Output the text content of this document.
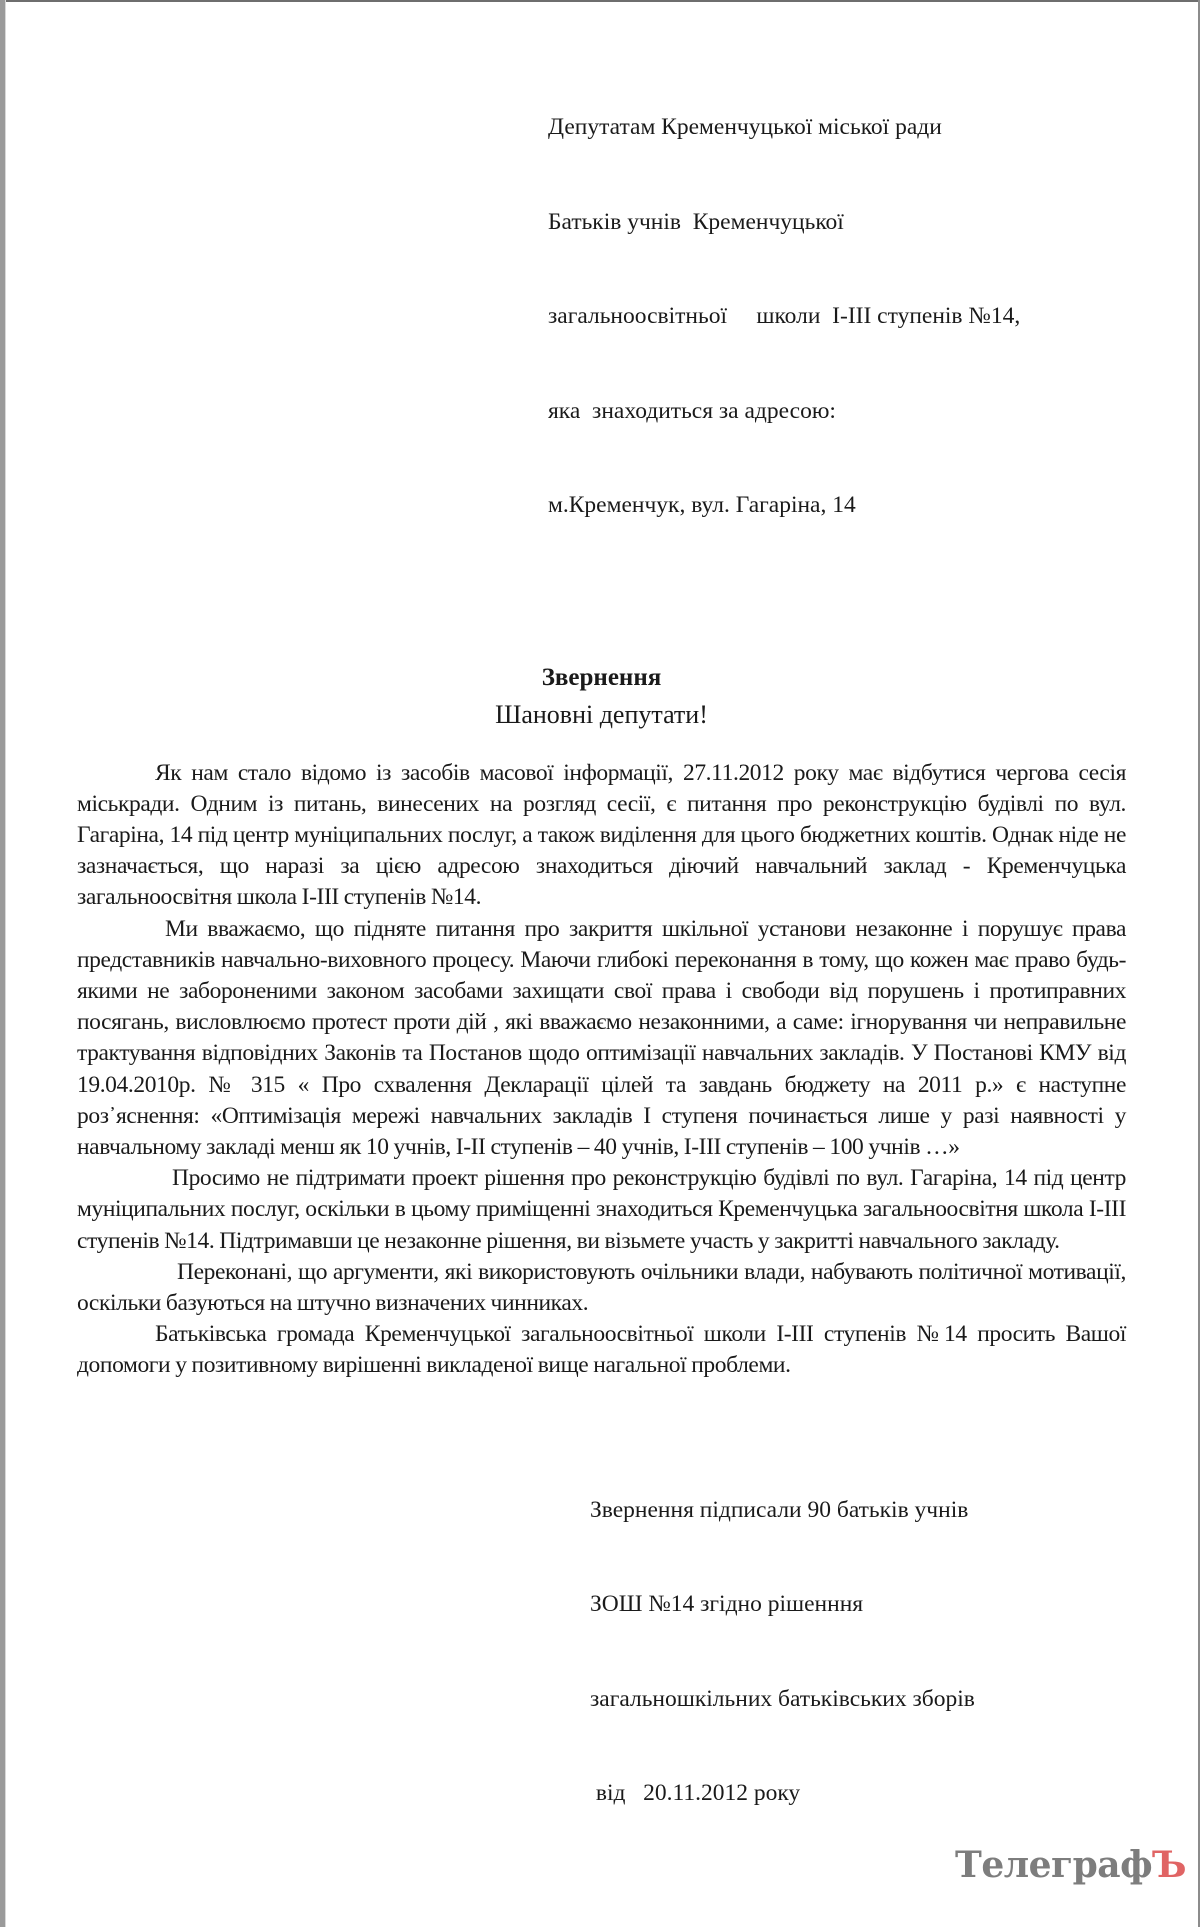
Депутатам Кременчуцької міської ради

Батьків учнів  Кременчуцької

загальноосвітньої     школи  І-ІІІ ступенів №14,

яка  знаходиться за адресою:

м.Кременчук, вул. Гагаріна, 14

Звернення
Шановні депутати!

Як нам стало відомо із засобів масової інформації, 27.11.2012 року має відбутися чергова сесія міськради. Одним із питань, винесених на розгляд сесії, є питання про реконструкцію будівлі по вул. Гагаріна, 14 під центр муніципальних послуг, а також виділення для цього бюджетних коштів. Однак ніде не зазначається, що наразі за цією адресою знаходиться діючий навчальний заклад - Кременчуцька загальноосвітня школа І-ІІІ ступенів №14.

Ми вважаємо, що підняте питання про закриття шкільної установи незаконне і порушує права представників навчально-виховного процесу. Маючи глибокі переконання в тому, що кожен має право будь-якими не забороненими законом засобами захищати свої права і свободи від порушень і протиправних посягань, висловлюємо протест проти дій , які вважаємо незаконними, а саме: ігнорування чи неправильне трактування відповідних Законів та Постанов щодо оптимізації навчальних закладів. У Постанові КМУ від 19.04.2010р. № 315 « Про схвалення Декларації цілей та завдань бюджету на 2011 р.» є наступне роз᾿яснення: «Оптимізація мережі навчальних закладів І ступеня починається лише у разі наявності у навчальному закладі менш як 10 учнів, І-ІІ ступенів – 40 учнів, І-ІІІ ступенів – 100 учнів …»

Просимо не підтримати проект рішення про реконструкцію будівлі по вул. Гагаріна, 14 під центр муніципальних послуг, оскільки в цьому приміщенні знаходиться Кременчуцька загальноосвітня школа І-ІІІ ступенів №14. Підтримавши це незаконне рішення, ви візьмете участь у закритті навчального закладу.

Переконані, що аргументи, які використовують очільники влади, набувають політичної мотивації, оскільки базуються на штучно визначених чинниках.

Батьківська громада Кременчуцької загальноосвітньої школи І-ІІІ ступенів №14 просить Вашої допомоги у позитивному вирішенні викладеної вище нагальної проблеми.

Звернення підписали 90 батьків учнів

ЗОШ №14 згідно рішенння

загальношкільних батьківських зборів

від   20.11.2012 року

ТелеграфЪ
